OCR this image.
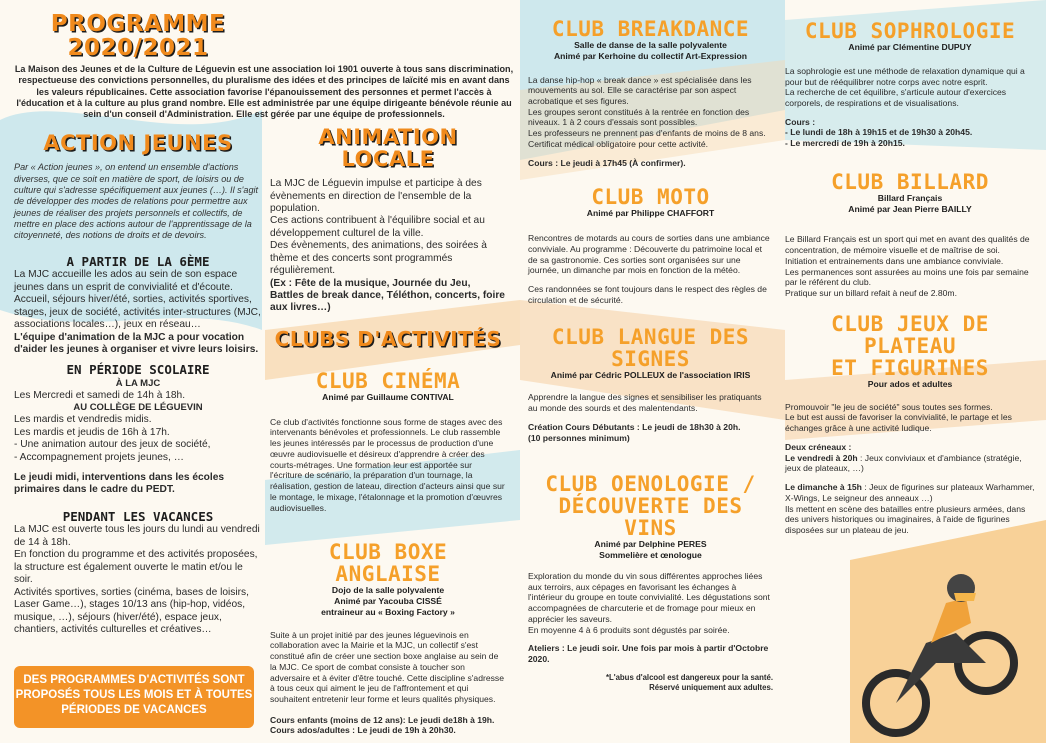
PROGRAMME 2020/2021
La Maison des Jeunes et de la Culture de Léguevin est une association loi 1901 ouverte à tous sans discrimination, respectueuse des convictions personnelles, du pluralisme des idées et des principes de laïcité mis en avant dans les valeurs républicaines. Cette association favorise l'épanouissement des personnes et permet l'accès à l'éducation et à la culture au plus grand nombre. Elle est administrée par une équipe dirigeante bénévole réunie au sein d'un conseil d'Administration. Elle est gérée par une équipe de professionnels.
ACTION JEUNES
Par « Action jeunes », on entend un ensemble d'actions diverses, que ce soit en matière de sport, de loisirs ou de culture qui s'adresse spécifiquement aux jeunes (…). Il s'agit de développer des modes de relations pour permettre aux jeunes de réaliser des projets personnels et collectifs, de mettre en place des actions autour de l'apprentissage de la citoyenneté, des notions de droits et de devoirs.
A PARTIR DE LA 6ÈME
La MJC accueille les ados au sein de son espace jeunes dans un esprit de convivialité et d'écoute. Accueil, séjours hiver/été, sorties, activités sportives, stages, jeux de société, activités inter-structures (MJC, associations locales…), jeux en réseau…
L'équipe d'animation de la MJC a pour vocation d'aider les jeunes à organiser et vivre leurs loisirs.
EN PÉRIODE SCOLAIRE
À LA MJC
Les Mercredi et samedi de 14h à 18h.
AU COLLÈGE DE LÉGUEVIN
Les mardis et vendredis midis.
Les mardis et jeudis de 16h à 17h.
- Une animation autour des jeux de société,
- Accompagnement projets jeunes, …
Le jeudi midi, interventions dans les écoles primaires dans le cadre du PEDT.
PENDANT LES VACANCES
La MJC est ouverte tous les jours du lundi au vendredi de 14 à 18h.
En fonction du programme et des activités proposées, la structure est également ouverte le matin et/ou le soir.
Activités sportives, sorties (cinéma, bases de loisirs, Laser Game…), stages 10/13 ans (hip-hop, vidéos, musique, …), séjours (hiver/été), espace jeux, chantiers, activités culturelles et créatives…
DES PROGRAMMES D'ACTIVITÉS SONT PROPOSÉS TOUS LES MOIS ET À TOUTES PÉRIODES DE VACANCES
ANIMATION LOCALE
La MJC de Léguevin impulse et participe à des évènements en direction de l'ensemble de la population.
Ces actions contribuent à l'équilibre social et au développement culturel de la ville.
Des évènements, des animations, des soirées à thème et des concerts sont programmés régulièrement.
(Ex : Fête de la musique, Journée du Jeu, Battles de break dance, Téléthon, concerts, foire aux livres…)
CLUBS D'ACTIVITÉS
CLUB CINÉMA
Animé par Guillaume CONTIVAL
Ce club d'activités fonctionne sous forme de stages avec des intervenants bénévoles et professionnels. Le club rassemble les jeunes intéressés par le processus de production d'une œuvre audiovisuelle et désireux d'apprendre à créer des courts-métrages. Une formation leur est apportée sur l'écriture de scénario, la préparation d'un tournage, la réalisation, gestion de lateau, direction d'acteurs ainsi que sur le montage, le mixage, l'étalonnage et la promotion d'œuvres audiovisuelles.
CLUB BOXE ANGLAISE
Dojo de la salle polyvalente
Animé par Yacouba CISSÉ
entraineur au « Boxing Factory »
Suite à un projet initié par des jeunes léguevinois en collaboration avec la Mairie et la MJC, un collectif s'est constitué afin de créer une section boxe anglaise au sein de la MJC. Ce sport de combat consiste à toucher son adversaire et à éviter d'être touché. Cette discipline s'adresse à tous ceux qui aiment le jeu de l'affrontement et qui souhaitent entretenir leur forme et leurs qualités physiques.
Cours enfants (moins de 12 ans): Le jeudi de18h à 19h.
Cours ados/adultes : Le jeudi de 19h à 20h30.
CLUB BREAKDANCE
Salle de danse de la salle polyvalente
Animé par Kerhoine du collectif Art-Expression
La danse hip-hop « break dance » est spécialisée dans les mouvements au sol. Elle se caractérise par son aspect acrobatique et ses figures.
Les groupes seront constitués à la rentrée en fonction des niveaux. 1 à 2 cours d'essais sont possibles.
Les professeurs ne prennent pas d'enfants de moins de 8 ans. Certificat médical obligatoire pour cette activité.
Cours : Le jeudi à 17h45 (À confirmer).
CLUB MOTO
Animé par Philippe CHAFFORT
Rencontres de motards au cours de sorties dans une ambiance conviviale. Au programme : Découverte du patrimoine local et de sa gastronomie. Ces sorties sont organisées sur une journée, un dimanche par mois en fonction de la météo.
Ces randonnées se font toujours dans le respect des règles de circulation et de sécurité.
CLUB LANGUE DES
SIGNES
Animé par Cédric POLLEUX de l'association IRIS
Apprendre la langue des signes et sensibiliser les pratiquants au monde des sourds et des malentendants.
Création Cours Débutants : Le jeudi de 18h30 à 20h.
(10 personnes minimum)
CLUB OENOLOGIE /
DÉCOUVERTE DES VINS
Animé par Delphine PERES
Sommelière et œnologue
Exploration du monde du vin sous différentes approches liées aux terroirs, aux cépages en favorisant les échanges à l'intérieur du groupe en toute convivialité. Les dégustations sont accompagnées de charcuterie et de fromage pour mieux en apprécier les saveurs.
En moyenne 4 à 6 produits sont dégustés par soirée.
Ateliers : Le jeudi soir. Une fois par mois à partir d'Octobre 2020.
*L'abus d'alcool est dangereux pour la santé.
Réservé uniquement aux adultes.
CLUB SOPHROLOGIE
Animé par Clémentine DUPUY
La sophrologie est une méthode de relaxation dynamique qui a pour but de rééquilibrer notre corps avec notre esprit.
La recherche de cet équilibre, s'articule autour d'exercices corporels, de respirations et de visualisations.
Cours :
- Le lundi de 18h à 19h15 et de 19h30 à 20h45.
- Le mercredi de 19h à 20h15.
CLUB BILLARD
Billard Français
Animé par Jean Pierre BAILLY
Le Billard Français est un sport qui met en avant des qualités de concentration, de mémoire visuelle et de maîtrise de soi.
Initiation et entrainements dans une ambiance conviviale.
Les permanences sont assurées au moins une fois par semaine par le référent du club.
Pratique sur un billard refait à neuf de 2.80m.
CLUB JEUX DE PLATEAU
ET FIGURINES
Pour ados et adultes
Promouvoir "le jeu de société" sous toutes ses formes.
Le but est aussi de favoriser la convivialité, le partage et les échanges grâce à une activité ludique.
Deux créneaux :
Le vendredi à 20h : Jeux conviviaux et d'ambiance (stratégie, jeux de plateaux, …)
Le dimanche à 15h : Jeux de figurines sur plateaux Warhammer, X-Wings, Le seigneur des anneaux …)
Ils mettent en scène des batailles entre plusieurs armées, dans des univers historiques ou imaginaires, à l'aide de figurines disposées sur un plateau de jeu.
